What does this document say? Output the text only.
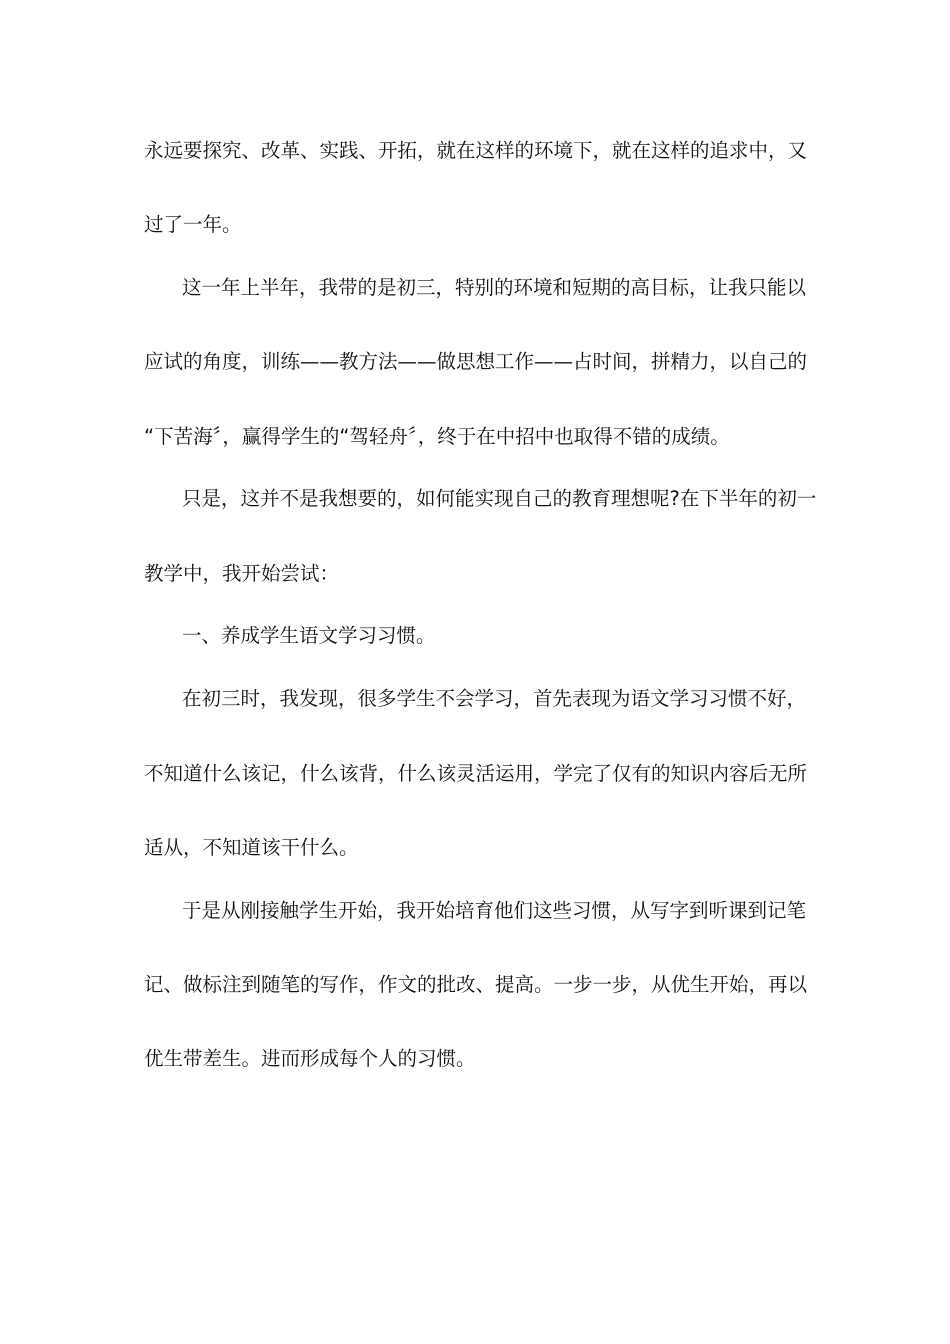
永远要探究、改革、实践、开拓，就在这样的环境下，就在这样的追求中，又
过了一年。
这一年上半年，我带的是初三，特别的环境和短期的高目标，让我只能以
应试的角度，训练——教方法——做思想工作——占时间，拼精力，以自己的
“下苦海〞，赢得学生的“驾轻舟〞，终于在中招中也取得不错的成绩。
只是，这并不是我想要的，如何能实现自己的教育理想呢?在下半年的初一
教学中，我开始尝试：
一、养成学生语文学习习惯。
在初三时，我发现，很多学生不会学习，首先表现为语文学习习惯不好，
不知道什么该记，什么该背，什么该灵活运用，学完了仅有的知识内容后无所
适从，不知道该干什么。
于是从刚接触学生开始，我开始培育他们这些习惯，从写字到听课到记笔
记、做标注到随笔的写作，作文的批改、提高。一步一步，从优生开始，再以
优生带差生。进而形成每个人的习惯。
